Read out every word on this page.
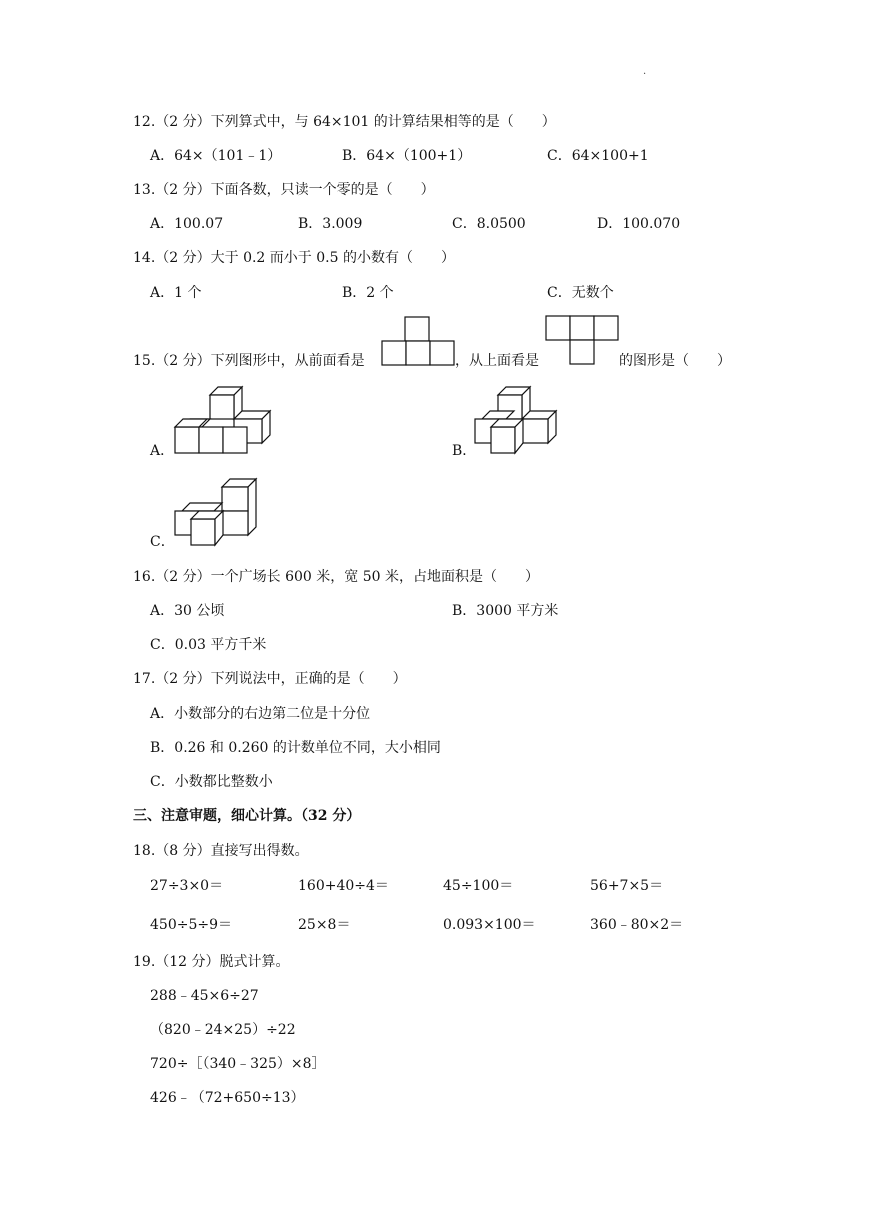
.
12.（2 分）下列算式中，与 64×101 的计算结果相等的是（　　）
A．64×（101﹣1）	B．64×（100+1）	C．64×100+1
13.（2 分）下面各数，只读一个零的是（　　）
A．100.07	B．3.009	C．8.0500	D．100.070
14.（2 分）大于 0.2 而小于 0.5 的小数有（　　）
A．1 个	B．2 个	C．无数个
15.（2 分）下列图形中，从前面看是	，从上面看是	的图形是（　　）
A．	B．
C．
16.（2 分）一个广场长 600 米，宽 50 米，占地面积是（　　）
A．30 公顷	B．3000 平方米
C．0.03 平方千米
17.（2 分）下列说法中，正确的是（　　）
A．小数部分的右边第二位是十分位
B．0.26 和 0.260 的计数单位不同，大小相同
C．小数都比整数小
三、注意审题，细心计算。（32 分）
18.（8 分）直接写出得数。
27÷3×0＝	160+40÷4＝	45÷100＝	56+7×5＝
450÷5÷9＝	25×8＝	0.093×100＝	360﹣80×2＝
19.（12 分）脱式计算。
288﹣45×6÷27
（820﹣24×25）÷22
720÷［（340﹣325）×8］
426﹣（72+650÷13）
